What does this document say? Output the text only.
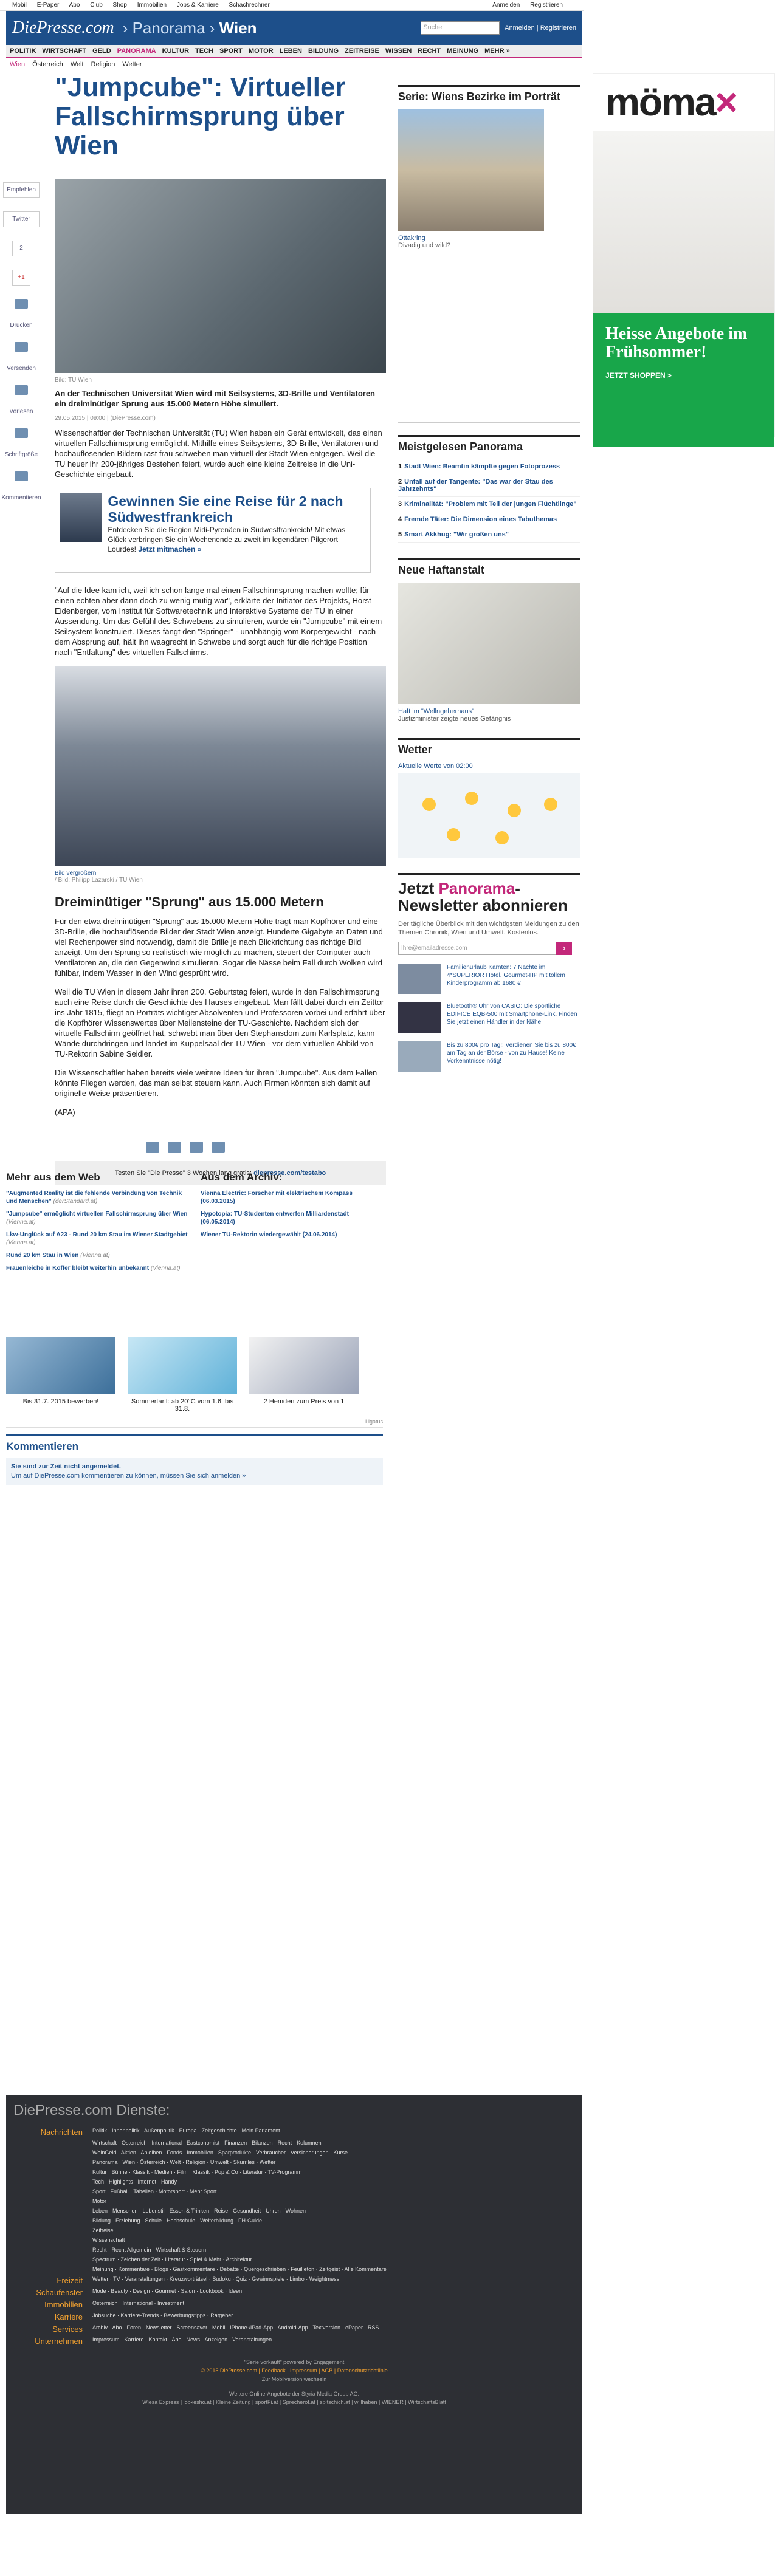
Mobil E-Paper Abo Club Shop Immobilien Jobs & Karriere Schachrechner	Anmelden Registrieren
DiePresse.com › Panorama › Wien	Suche	Anmelden | Registrieren
POLITIK WIRTSCHAFT GELD PANORAMA KULTUR TECH SPORT MOTOR LEBEN BILDUNG ZEITREISE WISSEN RECHT MEINUNG MEHR »
Wien Österreich Welt Religion Wetter
Empfehlen
Twitter
2
+1
Drucken
Versenden
Vorlesen
Schriftgröße
Kommentieren
"Jumpcube": Virtueller Fallschirmsprung über Wien
Bild: TU Wien
An der Technischen Universität Wien wird mit Seilsystems, 3D-Brille und Ventilatoren ein dreiminütiger Sprung aus 15.000 Metern Höhe simuliert.
29.05.2015 | 09:00 | (DiePresse.com)

Wissenschaftler der Technischen Universität (TU) Wien haben ein Gerät entwickelt, das einen virtuellen Fallschirmsprung ermöglicht. Mithilfe eines Seilsystems, 3D-Brille, Ventilatoren und hochauflösenden Bildern rast frau schweben man virtuell der Stadt Wien entgegen. Weil die TU heuer ihr 200-jähriges Bestehen feiert, wurde auch eine kleine Zeitreise in die Uni-Geschichte eingebaut.

Gewinnen Sie eine Reise für 2 nach Südwestfrankreich
Entdecken Sie die Region Midi-Pyrenäen in Südwestfrankreich! Mit etwas Glück verbringen Sie ein Wochenende zu zweit im legendären Pilgerort Lourdes! Jetzt mitmachen »

"Auf die Idee kam ich, weil ich schon lange mal einen Fallschirmsprung machen wollte; für einen echten aber dann doch zu wenig mutig war", erklärte der Initiator des Projekts, Horst Eidenberger, vom Institut für Softwaretechnik und Interaktive Systeme der TU in einer Aussendung. Um das Gefühl des Schwebens zu simulieren, wurde ein "Jumpcube" mit einem Seilsystem konstruiert. Dieses fängt den "Springer" - unabhängig vom Körpergewicht - nach dem Absprung auf, hält ihn waagrecht in Schwebe und sorgt auch für die richtige Position nach "Entfaltung" des virtuellen Fallschirms.

Bild vergrößern
/ Bild: Philipp Lazarski / TU Wien
Dreiminütiger "Sprung" aus 15.000 Metern

Für den etwa dreiminütigen "Sprung" aus 15.000 Metern Höhe trägt man Kopfhörer und eine 3D-Brille, die hochauflösende Bilder der Stadt Wien anzeigt. Hunderte Gigabyte an Daten und viel Rechenpower sind notwendig, damit die Brille je nach Blickrichtung das richtige Bild anzeigt. Um den Sprung so realistisch wie möglich zu machen, steuert der Computer auch Ventilatoren an, die den Gegenwind simulieren. Sogar die Nässe beim Fall durch Wolken wird fühlbar, indem Wasser in den Wind gesprüht wird.

Weil die TU Wien in diesem Jahr ihren 200. Geburtstag feiert, wurde in den Fallschirmsprung auch eine Reise durch die Geschichte des Hauses eingebaut. Man fällt dabei durch ein Zeittor ins Jahr 1815, fliegt an Porträts wichtiger Absolventen und Professoren vorbei und erfährt über die Kopfhörer Wissenswertes über Meilensteine der TU-Geschichte. Nachdem sich der virtuelle Fallschirm geöffnet hat, schwebt man über den Stephansdom zum Karlsplatz, kann Wände durchdringen und landet im Kuppelsaal der TU Wien - vor dem virtuellen Abbild von TU-Rektorin Sabine Seidler.

Die Wissenschaftler haben bereits viele weitere Ideen für ihren "Jumpcube". Aus dem Fallen könnte Fliegen werden, das man selbst steuern kann. Auch Firmen könnten sich damit auf originelle Weise präsentieren.

(APA)

Testen Sie "Die Presse" 3 Wochen lang gratis: diepresse.com/testabo
Mehr aus dem Web
"Augmented Reality ist die fehlende Verbindung von Technik und Menschen" (derStandard.at)
"Jumpcube" ermöglicht virtuellen Fallschirmsprung über Wien (Vienna.at)
Lkw-Unglück auf A23 - Rund 20 km Stau im Wiener Stadtgebiet (Vienna.at)
Rund 20 km Stau in Wien (Vienna.at)
Frauenleiche in Koffer bleibt weiterhin unbekannt (Vienna.at)
Aus dem Archiv:
Vienna Electric: Forscher mit elektrischem Kompass (06.03.2015)
Hypotopia: TU-Studenten entwerfen Milliardenstadt (06.05.2014)
Wiener TU-Rektorin wiedergewählt (24.06.2014)
Bis 31.7. 2015 bewerben!	Sommertarif: ab 20°C vom 1.6. bis 31.8.
2 Hemden zum Preis von 1
Ligatus
Kommentieren
Sie sind zur Zeit nicht angemeldet.
Um auf DiePresse.com kommentieren zu können, müssen Sie sich anmelden »
Serie: Wiens Bezirke im Porträt
Ottakring
Divadig und wild?
Meistgelesen Panorama
1 Stadt Wien: Beamtin kämpfte gegen Fotoprozess
2 Unfall auf der Tangente: "Das war der Stau des Jahrzehnts"
3 Kriminalität: "Problem mit Teil der jungen Flüchtlinge"
4 Fremde Täter: Die Dimension eines Tabuthemas
5 Smart Akkhug: "Wir großen uns"
Neue Haftanstalt
Haft im "Wellngeherhaus"
Justizminister zeigte neues Gefängnis
Wetter
Aktuelle Werte von 02:00
Jetzt Panorama-Newsletter abonnieren
Der tägliche Überblick mit den wichtigsten Meldungen zu den Themen Chronik, Wien und Umwelt. Kostenlos.
Ihre@emailadresse.com	›
Familienurlaub Kärnten: 7 Nächte im 4*SUPERIOR Hotel. Gourmet-HP mit tollem Kinderprogramm ab 1680 €
Bluetooth® Uhr von CASIO: Die sportliche EDIFICE EQB-500 mit Smartphone-Link. Finden Sie jetzt einen Händler in der Nähe.
Bis zu 800€ pro Tag!: Verdienen Sie bis zu 800€ am Tag an der Börse - von zu Hause! Keine Vorkenntnisse nötig!
möma×
Heisse Angebote im Frühsommer!

JETZT SHOPPEN >

DiePresse.com Dienste:
Nachrichten	Politik · Innenpolitik · Außenpolitik · Europa · Zeitgeschichte · Mein Parlament
Wirtschaft · Österreich · International · Eastconomist · Finanzen · Bilanzen · Recht · Kolumnen
WeinGeld · Aktien · Anleihen · Fonds · Immobilien · Sparprodukte · Verbraucher · Versicherungen · Kurse
Panorama · Wien · Österreich · Welt · Religion · Umwelt · Skurriles · Wetter
Kultur · Bühne · Klassik · Medien · Film · Klassik · Pop & Co · Literatur · TV-Programm
Tech · Highlights · Internet · Handy
Sport · Fußball · Tabellen · Motorsport · Mehr Sport
Motor
Leben · Menschen · Lebenstil · Essen & Trinken · Reise · Gesundheit · Uhren · Wohnen
Bildung · Erziehung · Schule · Hochschule · Weiterbildung · FH-Guide
Zeitreise
Wissenschaft
Recht · Recht Allgemein · Wirtschaft & Steuern
Spectrum · Zeichen der Zeit · Literatur · Spiel & Mehr · Architektur
Meinung · Kommentare · Blogs · Gastkommentare · Debatte · Quergeschrieben · Feuilleton · Zeitgeist · Alle Kommentare
Freizeit	Wetter · TV · Veranstaltungen · Kreuzworträtsel · Sudoku · Quiz · Gewinnspiele · Limbo · Weightmess
Schaufenster	Mode · Beauty · Design · Gourmet · Salon · Lookbook · Ideen
Immobilien	Österreich · International · Investment
Karriere	Jobsuche · Karriere-Trends · Bewerbungstipps · Ratgeber
Services	Archiv · Abo · Foren · Newsletter · Screensaver · Mobil · iPhone-/iPad-App · Android-App · Textversion · ePaper · RSS
Unternehmen	Impressum · Karriere · Kontakt · Abo · News · Anzeigen · Veranstaltungen
"Serie vorkauft" powered by Engagement
© 2015 DiePresse.com | Feedback | Impressum | AGB | Datenschutzrichtlinie
Zur Mobilversion wechseln
Weitere Online-Angebote der Styria Media Group AG:
Wiesa Express | iobkesho.at | Kleine Zeitung | sportFi.at | Sprecherof.at | spitschich.at | willhaben | WIENER | WirtschaftsBlatt
